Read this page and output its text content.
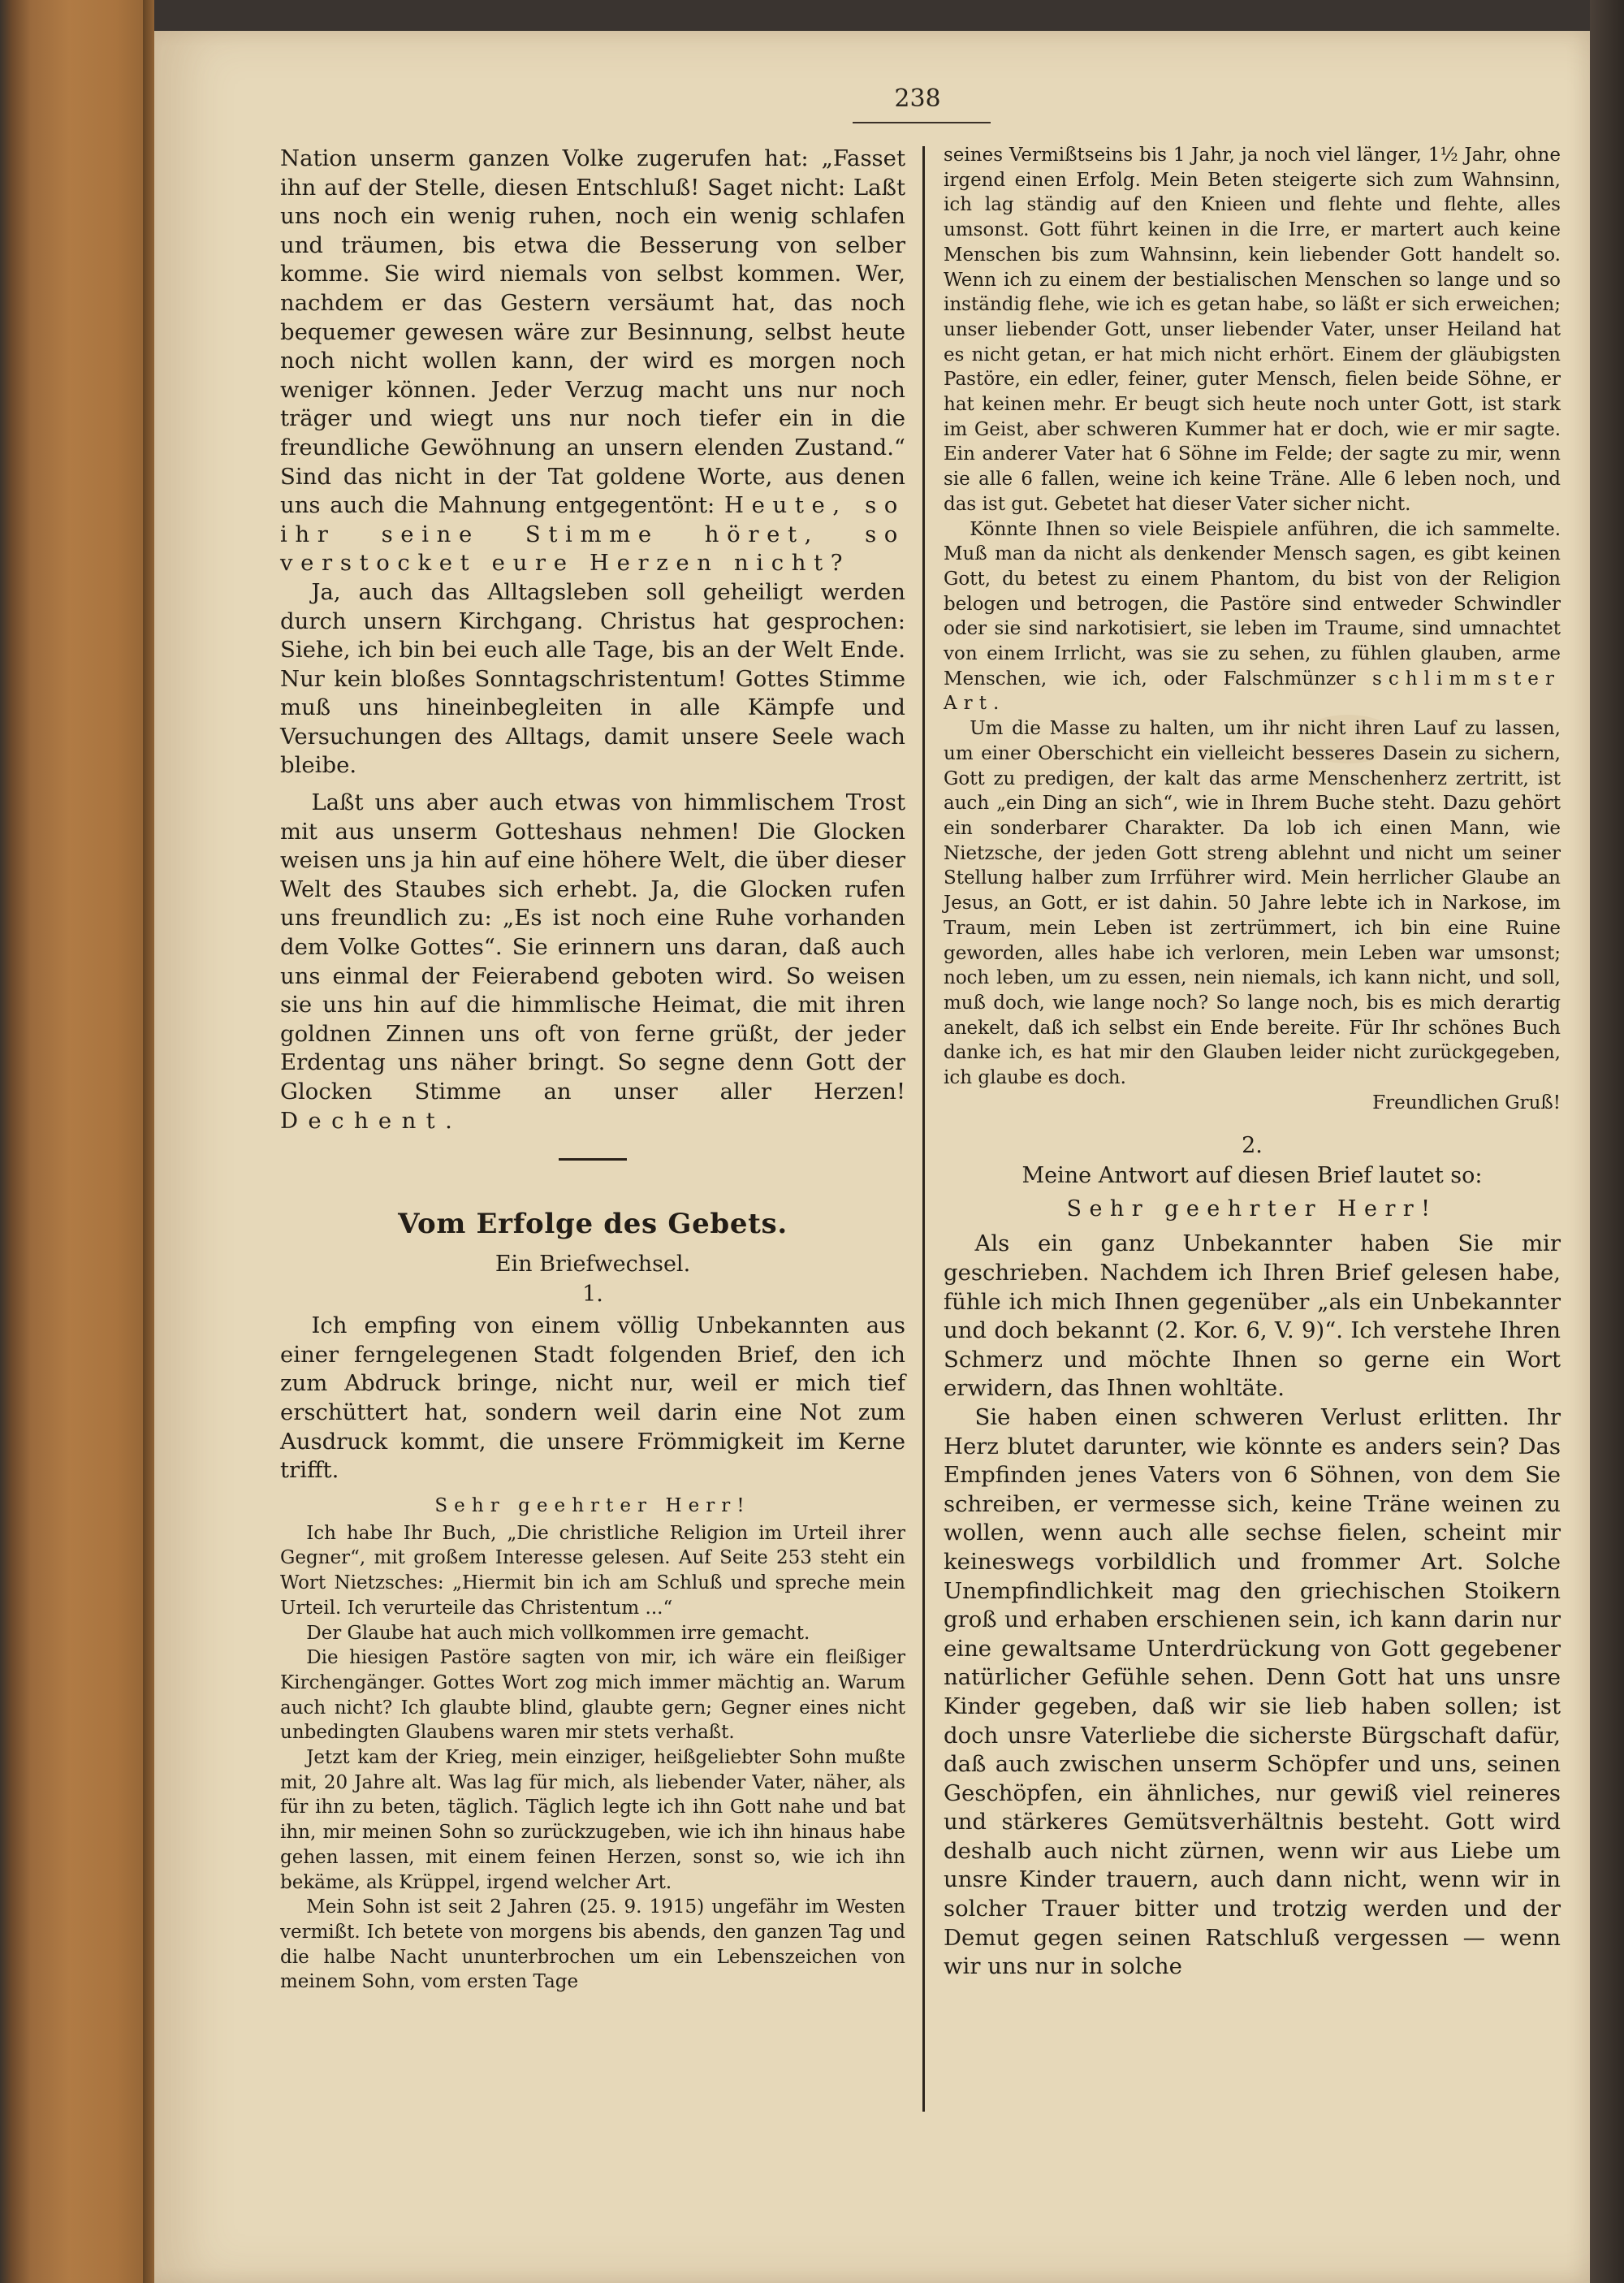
238

Nation unserm ganzen Volke zugerufen hat: „Fasset ihn auf der Stelle, diesen Entschluß! Saget nicht: Laßt uns noch ein wenig ruhen, noch ein wenig schlafen und träumen, bis etwa die Besserung von selber komme. Sie wird niemals von selbst kommen. Wer, nachdem er das Gestern versäumt hat, das noch bequemer gewesen wäre zur Besinnung, selbst heute noch nicht wollen kann, der wird es morgen noch weniger können. Jeder Verzug macht uns nur noch träger und wiegt uns nur noch tiefer ein in die freundliche Gewöhnung an unsern elenden Zustand.“ Sind das nicht in der Tat goldene Worte, aus denen uns auch die Mahnung entgegentönt: Heute, so ihr seine Stimme höret, so verstocket eure Herzen nicht?

Ja, auch das Alltagsleben soll geheiligt werden durch unsern Kirchgang. Christus hat gesprochen: Siehe, ich bin bei euch alle Tage, bis an der Welt Ende. Nur kein bloßes Sonntagschristentum! Gottes Stimme muß uns hineinbegleiten in alle Kämpfe und Versuchungen des Alltags, damit unsere Seele wach bleibe.

Laßt uns aber auch etwas von himmlischem Trost mit aus unserm Gotteshaus nehmen! Die Glocken weisen uns ja hin auf eine höhere Welt, die über dieser Welt des Staubes sich erhebt. Ja, die Glocken rufen uns freundlich zu: „Es ist noch eine Ruhe vorhanden dem Volke Gottes“. Sie erinnern uns daran, daß auch uns einmal der Feierabend geboten wird. So weisen sie uns hin auf die himmlische Heimat, die mit ihren goldnen Zinnen uns oft von ferne grüßt, der jeder Erdentag uns näher bringt. So segne denn Gott der Glocken Stimme an unser aller Herzen! Dechent.

Vom Erfolge des Gebets.
Ein Briefwechsel.
1.

Ich empfing von einem völlig Unbekannten aus einer ferngelegenen Stadt folgenden Brief, den ich zum Abdruck bringe, nicht nur, weil er mich tief erschüttert hat, sondern weil darin eine Not zum Ausdruck kommt, die unsere Frömmigkeit im Kerne trifft.

Sehr geehrter Herr!

Ich habe Ihr Buch, „Die christliche Religion im Urteil ihrer Gegner“, mit großem Interesse gelesen. Auf Seite 253 steht ein Wort Nietzsches: „Hiermit bin ich am Schluß und spreche mein Urteil. Ich verurteile das Christentum ...“

Der Glaube hat auch mich vollkommen irre gemacht.

Die hiesigen Pastöre sagten von mir, ich wäre ein fleißiger Kirchengänger. Gottes Wort zog mich immer mächtig an. Warum auch nicht? Ich glaubte blind, glaubte gern; Gegner eines nicht unbedingten Glaubens waren mir stets verhaßt.

Jetzt kam der Krieg, mein einziger, heißgeliebter Sohn mußte mit, 20 Jahre alt. Was lag für mich, als liebender Vater, näher, als für ihn zu beten, täglich. Täglich legte ich ihn Gott nahe und bat ihn, mir meinen Sohn so zurückzugeben, wie ich ihn hinaus habe gehen lassen, mit einem feinen Herzen, sonst so, wie ich ihn bekäme, als Krüppel, irgend welcher Art.

Mein Sohn ist seit 2 Jahren (25. 9. 1915) ungefähr im Westen vermißt. Ich betete von morgens bis abends, den ganzen Tag und die halbe Nacht ununterbrochen um ein Lebenszeichen von meinem Sohn, vom ersten Tage

seines Vermißtseins bis 1 Jahr, ja noch viel länger, 1½ Jahr, ohne irgend einen Erfolg. Mein Beten steigerte sich zum Wahnsinn, ich lag ständig auf den Knieen und flehte und flehte, alles umsonst. Gott führt keinen in die Irre, er martert auch keine Menschen bis zum Wahnsinn, kein liebender Gott handelt so. Wenn ich zu einem der bestialischen Menschen so lange und so inständig flehe, wie ich es getan habe, so läßt er sich erweichen; unser liebender Gott, unser liebender Vater, unser Heiland hat es nicht getan, er hat mich nicht erhört. Einem der gläubigsten Pastöre, ein edler, feiner, guter Mensch, fielen beide Söhne, er hat keinen mehr. Er beugt sich heute noch unter Gott, ist stark im Geist, aber schweren Kummer hat er doch, wie er mir sagte. Ein anderer Vater hat 6 Söhne im Felde; der sagte zu mir, wenn sie alle 6 fallen, weine ich keine Träne. Alle 6 leben noch, und das ist gut. Gebetet hat dieser Vater sicher nicht.

Könnte Ihnen so viele Beispiele anführen, die ich sammelte. Muß man da nicht als denkender Mensch sagen, es gibt keinen Gott, du betest zu einem Phantom, du bist von der Religion belogen und betrogen, die Pastöre sind entweder Schwindler oder sie sind narkotisiert, sie leben im Traume, sind umnachtet von einem Irrlicht, was sie zu sehen, zu fühlen glauben, arme Menschen, wie ich, oder Falschmünzer schlimmster Art.

Um die Masse zu halten, um ihr nicht ihren Lauf zu lassen, um einer Oberschicht ein vielleicht besseres Dasein zu sichern, Gott zu predigen, der kalt das arme Menschenherz zertritt, ist auch „ein Ding an sich“, wie in Ihrem Buche steht. Dazu gehört ein sonderbarer Charakter. Da lob ich einen Mann, wie Nietzsche, der jeden Gott streng ablehnt und nicht um seiner Stellung halber zum Irrführer wird. Mein herrlicher Glaube an Jesus, an Gott, er ist dahin. 50 Jahre lebte ich in Narkose, im Traum, mein Leben ist zertrümmert, ich bin eine Ruine geworden, alles habe ich verloren, mein Leben war umsonst; noch leben, um zu essen, nein niemals, ich kann nicht, und soll, muß doch, wie lange noch? So lange noch, bis es mich derartig anekelt, daß ich selbst ein Ende bereite. Für Ihr schönes Buch danke ich, es hat mir den Glauben leider nicht zurückgegeben, ich glaube es doch.

Freundlichen Gruß!

2.
Meine Antwort auf diesen Brief lautet so:
Sehr geehrter Herr!

Als ein ganz Unbekannter haben Sie mir geschrieben. Nachdem ich Ihren Brief gelesen habe, fühle ich mich Ihnen gegenüber „als ein Unbekannter und doch bekannt (2. Kor. 6, V. 9)“. Ich verstehe Ihren Schmerz und möchte Ihnen so gerne ein Wort erwidern, das Ihnen wohltäte.

Sie haben einen schweren Verlust erlitten. Ihr Herz blutet darunter, wie könnte es anders sein? Das Empfinden jenes Vaters von 6 Söhnen, von dem Sie schreiben, er vermesse sich, keine Träne weinen zu wollen, wenn auch alle sechse fielen, scheint mir keineswegs vorbildlich und frommer Art. Solche Unempfindlichkeit mag den griechischen Stoikern groß und erhaben erschienen sein, ich kann darin nur eine gewaltsame Unterdrückung von Gott gegebener natürlicher Gefühle sehen. Denn Gott hat uns unsre Kinder gegeben, daß wir sie lieb haben sollen; ist doch unsre Vaterliebe die sicherste Bürgschaft dafür, daß auch zwischen unserm Schöpfer und uns, seinen Geschöpfen, ein ähnliches, nur gewiß viel reineres und stärkeres Gemütsverhältnis besteht. Gott wird deshalb auch nicht zürnen, wenn wir aus Liebe um unsre Kinder trauern, auch dann nicht, wenn wir in solcher Trauer bitter und trotzig werden und der Demut gegen seinen Ratschluß vergessen — wenn wir uns nur in solche
